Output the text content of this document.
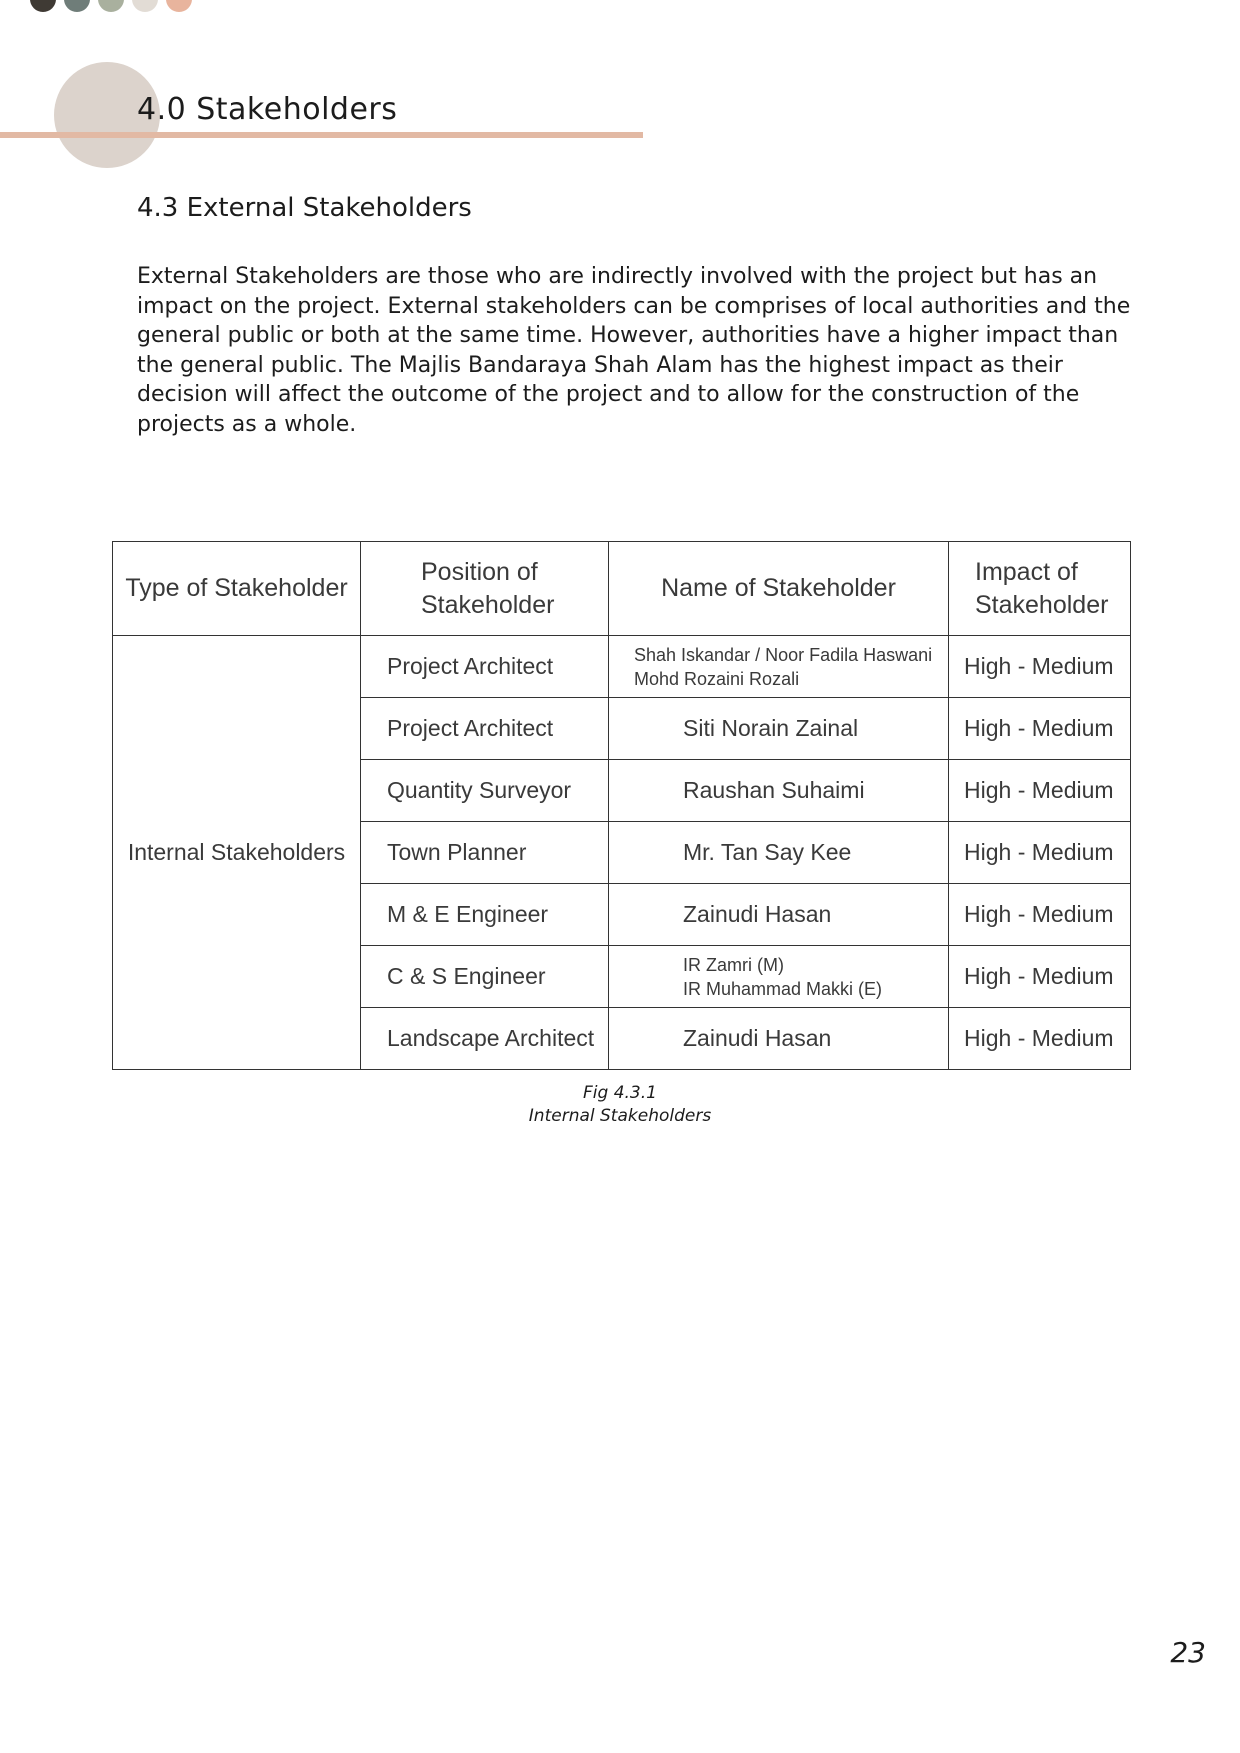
4.0 Stakeholders
4.3 External Stakeholders

External Stakeholders are those who are indirectly involved with the project but has an
impact on the project. External stakeholders can be comprises of local authorities and the
general public or both at the same time. However, authorities have a higher impact than
the general public. The Majlis Bandaraya Shah Alam has the highest impact as their
decision will affect the outcome of the project and to allow for the construction of the
projects as a whole.

Type of Stakeholder	Position of
Stakeholder	Name of Stakeholder	Impact of
Stakeholder

Internal Stakeholders	Project Architect	Shah Iskandar / Noor Fadila Haswani
Mohd Rozaini Rozali	High - Medium
	Project Architect	Siti Norain Zainal	High - Medium
	Quantity Surveyor	Raushan Suhaimi	High - Medium
	Town Planner	Mr. Tan Say Kee	High - Medium
	M & E Engineer	Zainudi Hasan	High - Medium
	C & S Engineer	IR Zamri (M)
IR Muhammad Makki (E)	High - Medium
	Landscape Architect	Zainudi Hasan	High - Medium

Fig 4.3.1
Internal Stakeholders

23
